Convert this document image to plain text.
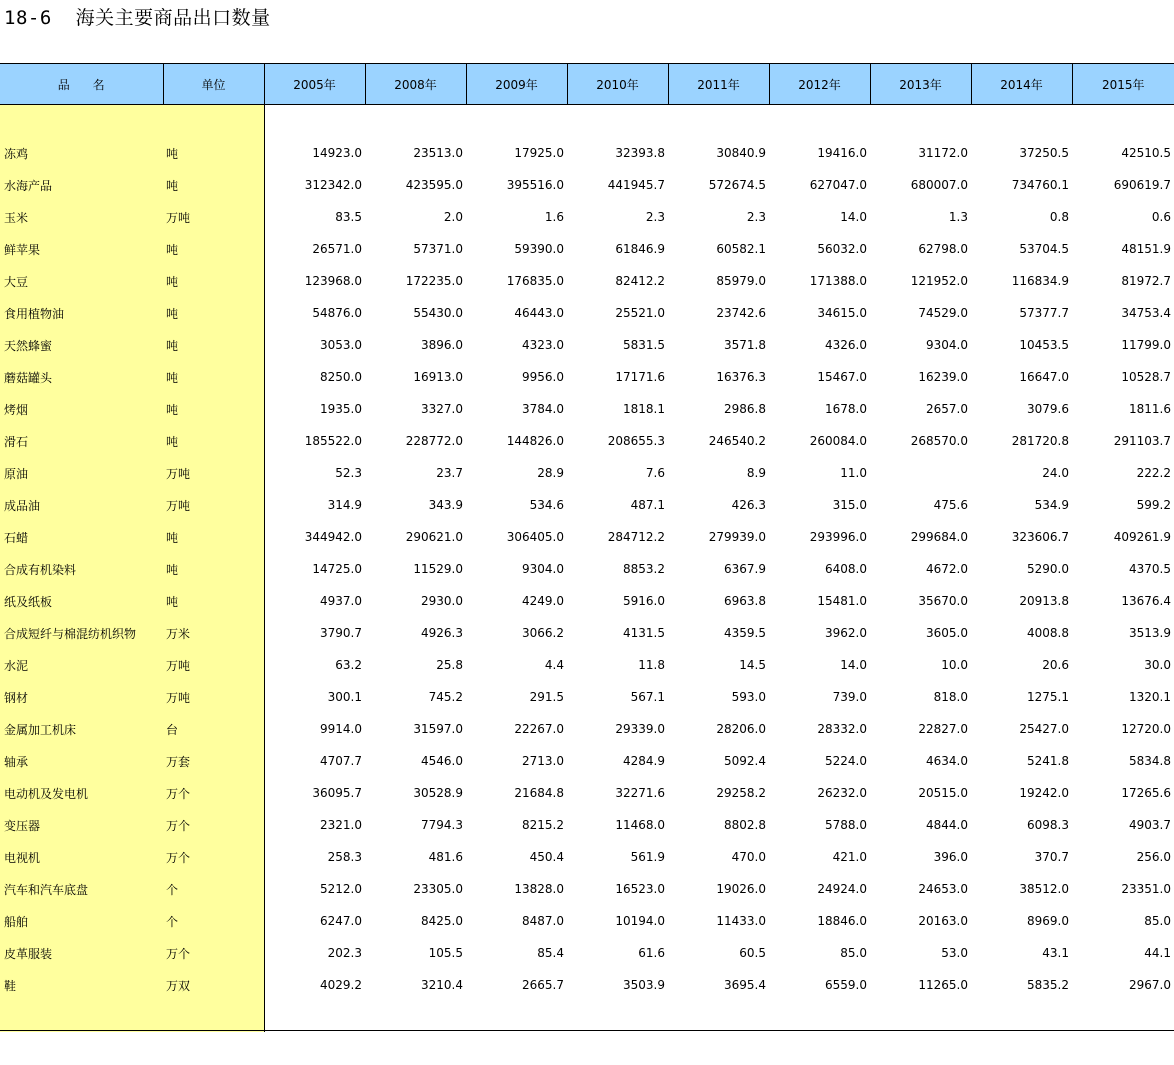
18-6  海关主要商品出口数量
品      名	单位	2005年	2008年	2009年	2010年	2011年	2012年	2013年	2014年	2015年

冻鸡	吨	14923.0	23513.0	17925.0	32393.8	30840.9	19416.0	31172.0	37250.5	42510.5
水海产品	吨	312342.0	423595.0	395516.0	441945.7	572674.5	627047.0	680007.0	734760.1	690619.7
玉米	万吨	83.5	2.0	1.6	2.3	2.3	14.0	1.3	0.8	0.6
鲜苹果	吨	26571.0	57371.0	59390.0	61846.9	60582.1	56032.0	62798.0	53704.5	48151.9
大豆	吨	123968.0	172235.0	176835.0	82412.2	85979.0	171388.0	121952.0	116834.9	81972.7
食用植物油	吨	54876.0	55430.0	46443.0	25521.0	23742.6	34615.0	74529.0	57377.7	34753.4
天然蜂蜜	吨	3053.0	3896.0	4323.0	5831.5	3571.8	4326.0	9304.0	10453.5	11799.0
蘑菇罐头	吨	8250.0	16913.0	9956.0	17171.6	16376.3	15467.0	16239.0	16647.0	10528.7
烤烟	吨	1935.0	3327.0	3784.0	1818.1	2986.8	1678.0	2657.0	3079.6	1811.6
滑石	吨	185522.0	228772.0	144826.0	208655.3	246540.2	260084.0	268570.0	281720.8	291103.7
原油	万吨	52.3	23.7	28.9	7.6	8.9	11.0		24.0	222.2
成品油	万吨	314.9	343.9	534.6	487.1	426.3	315.0	475.6	534.9	599.2
石蜡	吨	344942.0	290621.0	306405.0	284712.2	279939.0	293996.0	299684.0	323606.7	409261.9
合成有机染料	吨	14725.0	11529.0	9304.0	8853.2	6367.9	6408.0	4672.0	5290.0	4370.5
纸及纸板	吨	4937.0	2930.0	4249.0	5916.0	6963.8	15481.0	35670.0	20913.8	13676.4
合成短纤与棉混纺机织物	万米	3790.7	4926.3	3066.2	4131.5	4359.5	3962.0	3605.0	4008.8	3513.9
水泥	万吨	63.2	25.8	4.4	11.8	14.5	14.0	10.0	20.6	30.0
钢材	万吨	300.1	745.2	291.5	567.1	593.0	739.0	818.0	1275.1	1320.1
金属加工机床	台	9914.0	31597.0	22267.0	29339.0	28206.0	28332.0	22827.0	25427.0	12720.0
轴承	万套	4707.7	4546.0	2713.0	4284.9	5092.4	5224.0	4634.0	5241.8	5834.8
电动机及发电机	万个	36095.7	30528.9	21684.8	32271.6	29258.2	26232.0	20515.0	19242.0	17265.6
变压器	万个	2321.0	7794.3	8215.2	11468.0	8802.8	5788.0	4844.0	6098.3	4903.7
电视机	万个	258.3	481.6	450.4	561.9	470.0	421.0	396.0	370.7	256.0
汽车和汽车底盘	个	5212.0	23305.0	13828.0	16523.0	19026.0	24924.0	24653.0	38512.0	23351.0
船舶	个	6247.0	8425.0	8487.0	10194.0	11433.0	18846.0	20163.0	8969.0	85.0
皮革服装	万个	202.3	105.5	85.4	61.6	60.5	85.0	53.0	43.1	44.1
鞋	万双	4029.2	3210.4	2665.7	3503.9	3695.4	6559.0	11265.0	5835.2	2967.0
